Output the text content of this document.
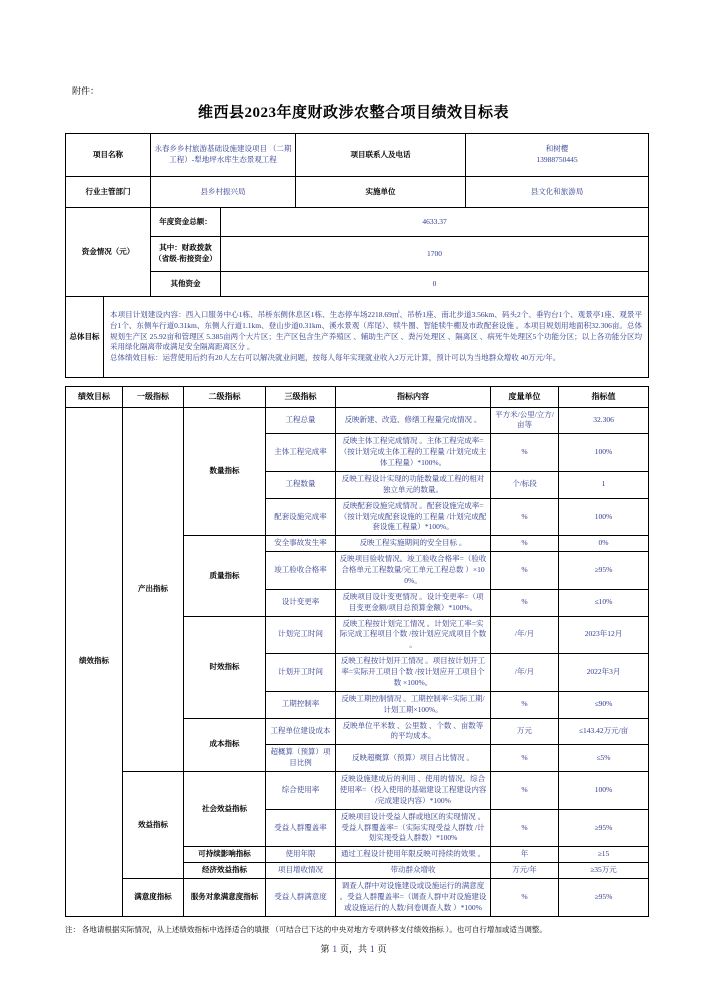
附件：
维西县2023年度财政涉农整合项目绩效目标表
项目名称	永春乡乡村旅游基础设施建设项目 （二期工程）-犁地坪水库生态景观工程	项目联系人及电话	和树樱
13988750445

行业主管部门	县乡村振兴局	实施单位	县文化和旅游局
资金情况（元）	年度资金总额：	4633.37
	其中：财政拨款（省级-衔接资金）	1700
	其他资金	0
总体目标	

本项目计划建设内容：西入口服务中心1栋、吊桥东侧休息区1栋、生态停车场2218.69㎡、吊桥1座、南北步道3.56km、码头2个、垂钓台1个、观景亭1座、观景平台1个、东侧车行道0.31km、东侧人行道1.1km、登山步道0.31km、溪水景观（库尾）、犊牛圈、智能犊牛棚及市政配套设施 。本项目规划用地面积32.306亩。总体规划生产区 25.92亩和管理区 5.385亩两个大片区；生产区包含生产养殖区 、辅助生产区 、粪污处理区 、隔离区 、病死牛处理区5个功能分区；以上各功能分区均采用绿化隔离带或满足安全隔离距离区分 。

总体绩效目标：运营使用后约有20人左右可以解决就业问题，按每人每年实现就业收入2万元计算，预计可以为当地群众增收 40万元/年。

绩效目标	一级指标	二级指标	三级指标	指标内容	度量单位	指标值
绩效指标	产出指标	数量指标	工程总量	反映新建、改造、修缮工程量完成情况 。	平方米/公里/立方/亩等	32.306
			主体工程完成率	反映主体工程完成情况 。主体工程完成率=（按计划完成主体工程的工程量 /计划完成主体工程量）*100%。	%	100%
			工程数量	反映工程设计实现的功能数量或工程的相对独立单元的数量。	个/标段	1
			配套设施完成率	反映配套设施完成情况 。配套设施完成率=（按计划完成配套设施的工程量 /计划完成配套设施工程量）*100%。	%	100%
		质量指标	安全事故发生率	反映工程实施期间的安全目标 。	%	0%
			竣工验收合格率	反映项目验收情况。竣工验收合格率=（验收合格单元工程数量/完工单元工程总数 ）×100%。	%	≥95%
			设计变更率	反映项目设计变更情况 。设计变更率=（项目变更金额/项目总预算金额）*100%。	%	≤10%
		时效指标	计划完工时间	反映工程按计划完工情况 。计划完工率=实际完成工程项目个数 /按计划应完成项目个数 。	/年/月	2023年12月
			计划开工时间	反映工程按计划开工情况 。项目按计划开工率=实际开工项目个数 /按计划应开工项目个数 ×100%。	/年/月	2022年3月
			工期控制率	反映工期控制情况 。工期控制率=实际工期/计划工期×100%。	%	≤90%
		成本指标	工程单位建设成本	反映单位平米数 、公里数 、个数 、亩数等的平均成本。	万元	≤143.42万元/亩
			超概算（预算）项目比例	反映超概算（预算）项目占比情况 。	%	≤5%
	效益指标	社会效益指标	综合使用率	反映设施建成后的利用 、使用的情况。综合使用率=（投入使用的基础建设工程建设内容 /完成建设内容）*100%	%	100%
			受益人群覆盖率	反映项目设计受益人群或地区的实现情况 。受益人群覆盖率=（实际实现受益人群数 /计划实现受益人群数）*100%	%	≥95%
		可持续影响指标	使用年限	通过工程设计使用年限反映可持续的效果 。	年	≥15
		经济效益指标	项目增收情况	带动群众增收	万元/年	≥35万元
	满意度指标	服务对象满意度指标	受益人群满意度	调查人群中对设施建设或设施运行的满意度 。受益人群覆盖率=（调查人群中对设施建设或设施运行的人数/问卷调查人数 ）*100%	%	≥95%
注： 各地请根据实际情况，从上述绩效指标中选择适合的填报 （可结合已下达的中央对地方专项转移支付绩效指标 ）。也可自行增加或适当调整。
第 1 页，共 1 页
